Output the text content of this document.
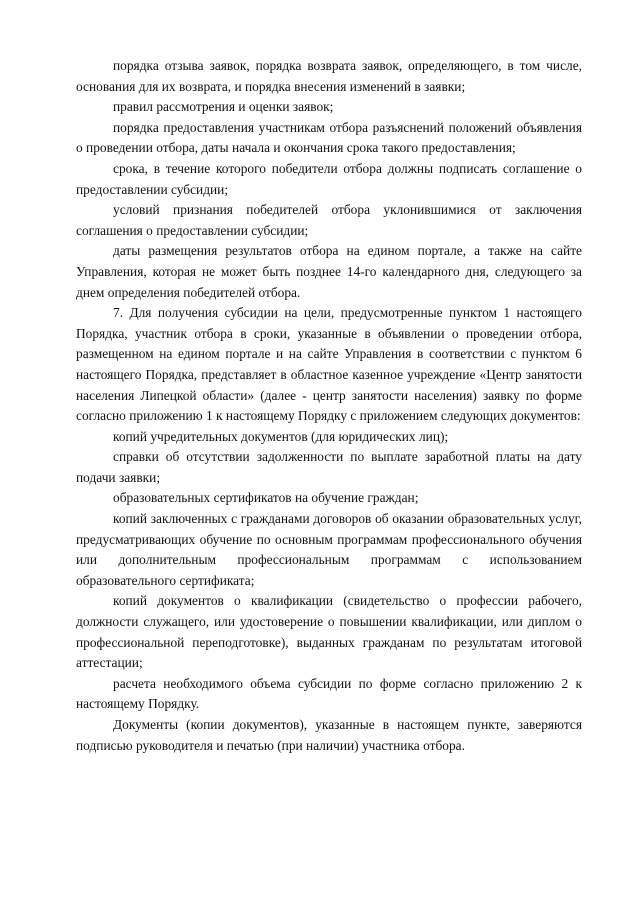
порядка отзыва заявок, порядка возврата заявок, определяющего, в том числе, основания для их возврата, и порядка внесения изменений в заявки;

правил рассмотрения и оценки заявок;

порядка предоставления участникам отбора разъяснений положений объявления о проведении отбора, даты начала и окончания срока такого предоставления;

срока, в течение которого победители отбора должны подписать соглашение о предоставлении субсидии;

условий признания победителей отбора уклонившимися от заключения соглашения о предоставлении субсидии;

даты размещения результатов отбора на едином портале, а также на сайте Управления, которая не может быть позднее 14-го календарного дня, следующего за днем определения победителей отбора.

7. Для получения субсидии на цели, предусмотренные пунктом 1 настоящего Порядка, участник отбора в сроки, указанные в объявлении о проведении отбора, размещенном на едином портале и на сайте Управления в соответствии с пунктом 6 настоящего Порядка, представляет в областное казенное учреждение «Центр занятости населения Липецкой области» (далее - центр занятости населения) заявку по форме согласно приложению 1 к настоящему Порядку с приложением следующих документов:

копий учредительных документов (для юридических лиц);

справки об отсутствии задолженности по выплате заработной платы на дату подачи заявки;

образовательных сертификатов на обучение граждан;

копий заключенных с гражданами договоров об оказании образовательных услуг, предусматривающих обучение по основным программам профессионального обучения или дополнительным профессиональным программам с использованием образовательного сертификата;

копий документов о квалификации (свидетельство о профессии рабочего, должности служащего, или удостоверение о повышении квалификации, или диплом о профессиональной переподготовке), выданных гражданам по результатам итоговой аттестации;

расчета необходимого объема субсидии по форме согласно приложению 2 к настоящему Порядку.

Документы (копии документов), указанные в настоящем пункте, заверяются подписью руководителя и печатью (при наличии) участника отбора.
